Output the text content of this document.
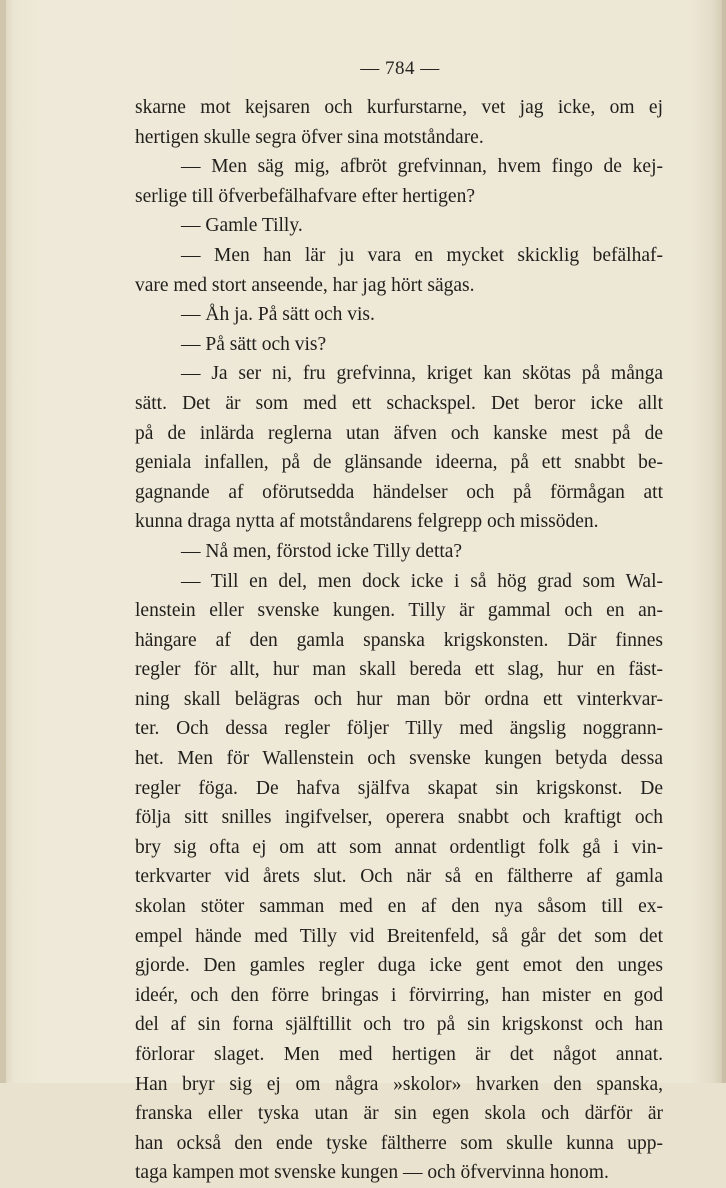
— 784 —
skarne mot kejsaren och kurfurstarne, vet jag icke, om ej
hertigen skulle segra öfver sina motståndare.
— Men säg mig, afbröt grefvinnan, hvem fingo de kej-
serlige till öfverbefälhafvare efter hertigen?
— Gamle Tilly.
— Men han lär ju vara en mycket skicklig befälhaf-
vare med stort anseende, har jag hört sägas.
— Åh ja. På sätt och vis.
— På sätt och vis?
— Ja ser ni, fru grefvinna, kriget kan skötas på många
sätt. Det är som med ett schackspel. Det beror icke allt
på de inlärda reglerna utan äfven och kanske mest på de
geniala infallen, på de glänsande ideerna, på ett snabbt be-
gagnande af oförutsedda händelser och på förmågan att
kunna draga nytta af motståndarens felgrepp och missöden.
— Nå men, förstod icke Tilly detta?
— Till en del, men dock icke i så hög grad som Wal-
lenstein eller svenske kungen. Tilly är gammal och en an-
hängare af den gamla spanska krigskonsten. Där finnes
regler för allt, hur man skall bereda ett slag, hur en fäst-
ning skall belägras och hur man bör ordna ett vinterkvar-
ter. Och dessa regler följer Tilly med ängslig noggrann-
het. Men för Wallenstein och svenske kungen betyda dessa
regler föga. De hafva själfva skapat sin krigskonst. De
följa sitt snilles ingifvelser, operera snabbt och kraftigt och
bry sig ofta ej om att som annat ordentligt folk gå i vin-
terkvarter vid årets slut. Och när så en fältherre af gamla
skolan stöter samman med en af den nya såsom till ex-
empel hände med Tilly vid Breitenfeld, så går det som det
gjorde. Den gamles regler duga icke gent emot den unges
ideér, och den förre bringas i förvirring, han mister en god
del af sin forna själftillit och tro på sin krigskonst och han
förlorar slaget. Men med hertigen är det något annat.
Han bryr sig ej om några »skolor» hvarken den spanska,
franska eller tyska utan är sin egen skola och därför är
han också den ende tyske fältherre som skulle kunna upp-
taga kampen mot svenske kungen — och öfvervinna honom.
